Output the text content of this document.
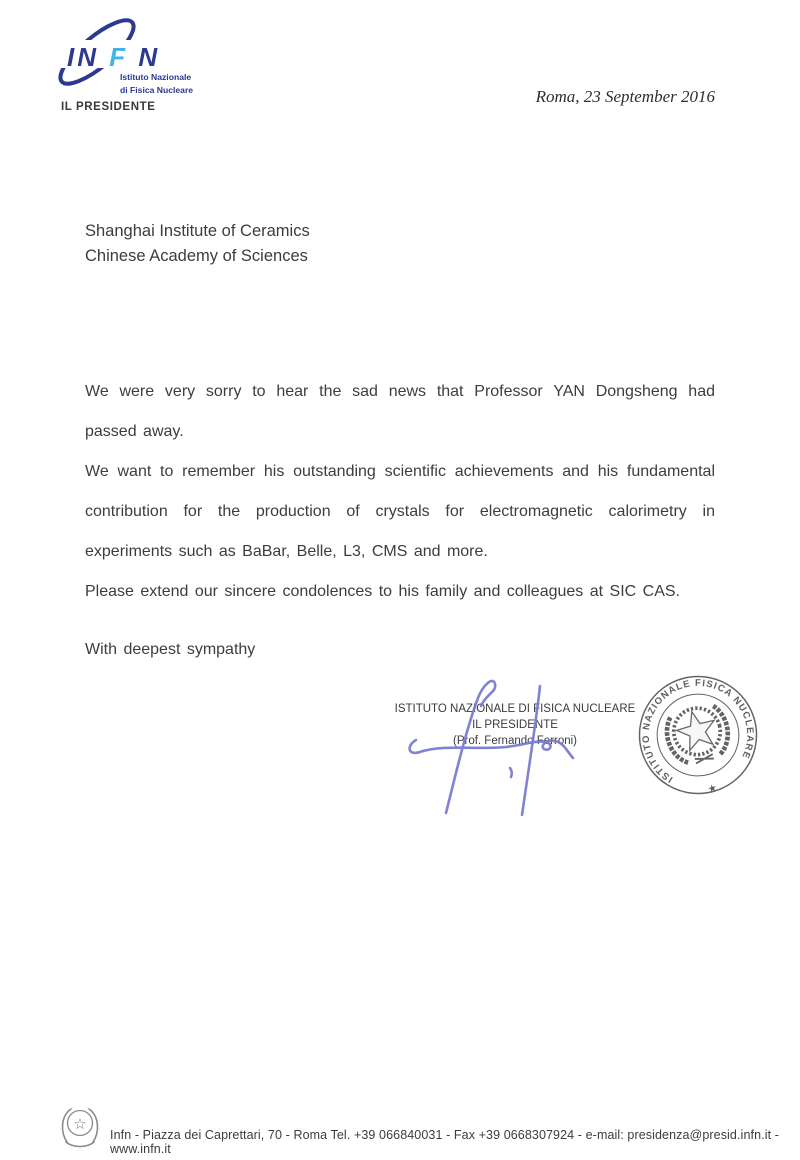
IN F N
Istituto Nazionale
di Fisica Nucleare
IL PRESIDENTE
Roma, 23 September 2016
Shanghai Institute of Ceramics
Chinese Academy of Sciences

We were very sorry to hear the sad news that Professor YAN Dongsheng had passed away.

We want to remember his outstanding scientific achievements and his fundamental contribution for the production of crystals for electromagnetic calorimetry in experiments such as BaBar, Belle, L3, CMS and more.

Please extend our sincere condolences to his family and colleagues at SIC CAS.

With deepest sympathy

ISTITUTO NAZIONALE DI FISICA NUCLEARE
IL PRESIDENTE
(Prof. Fernando Ferroni)
ISTITUTO NAZIONALE FISICA NUCLEARE
★
☆
Infn - Piazza dei Caprettari, 70 - Roma Tel. +39 066840031 - Fax +39 0668307924 - e-mail: presidenza@presid.infn.it - www.infn.it
